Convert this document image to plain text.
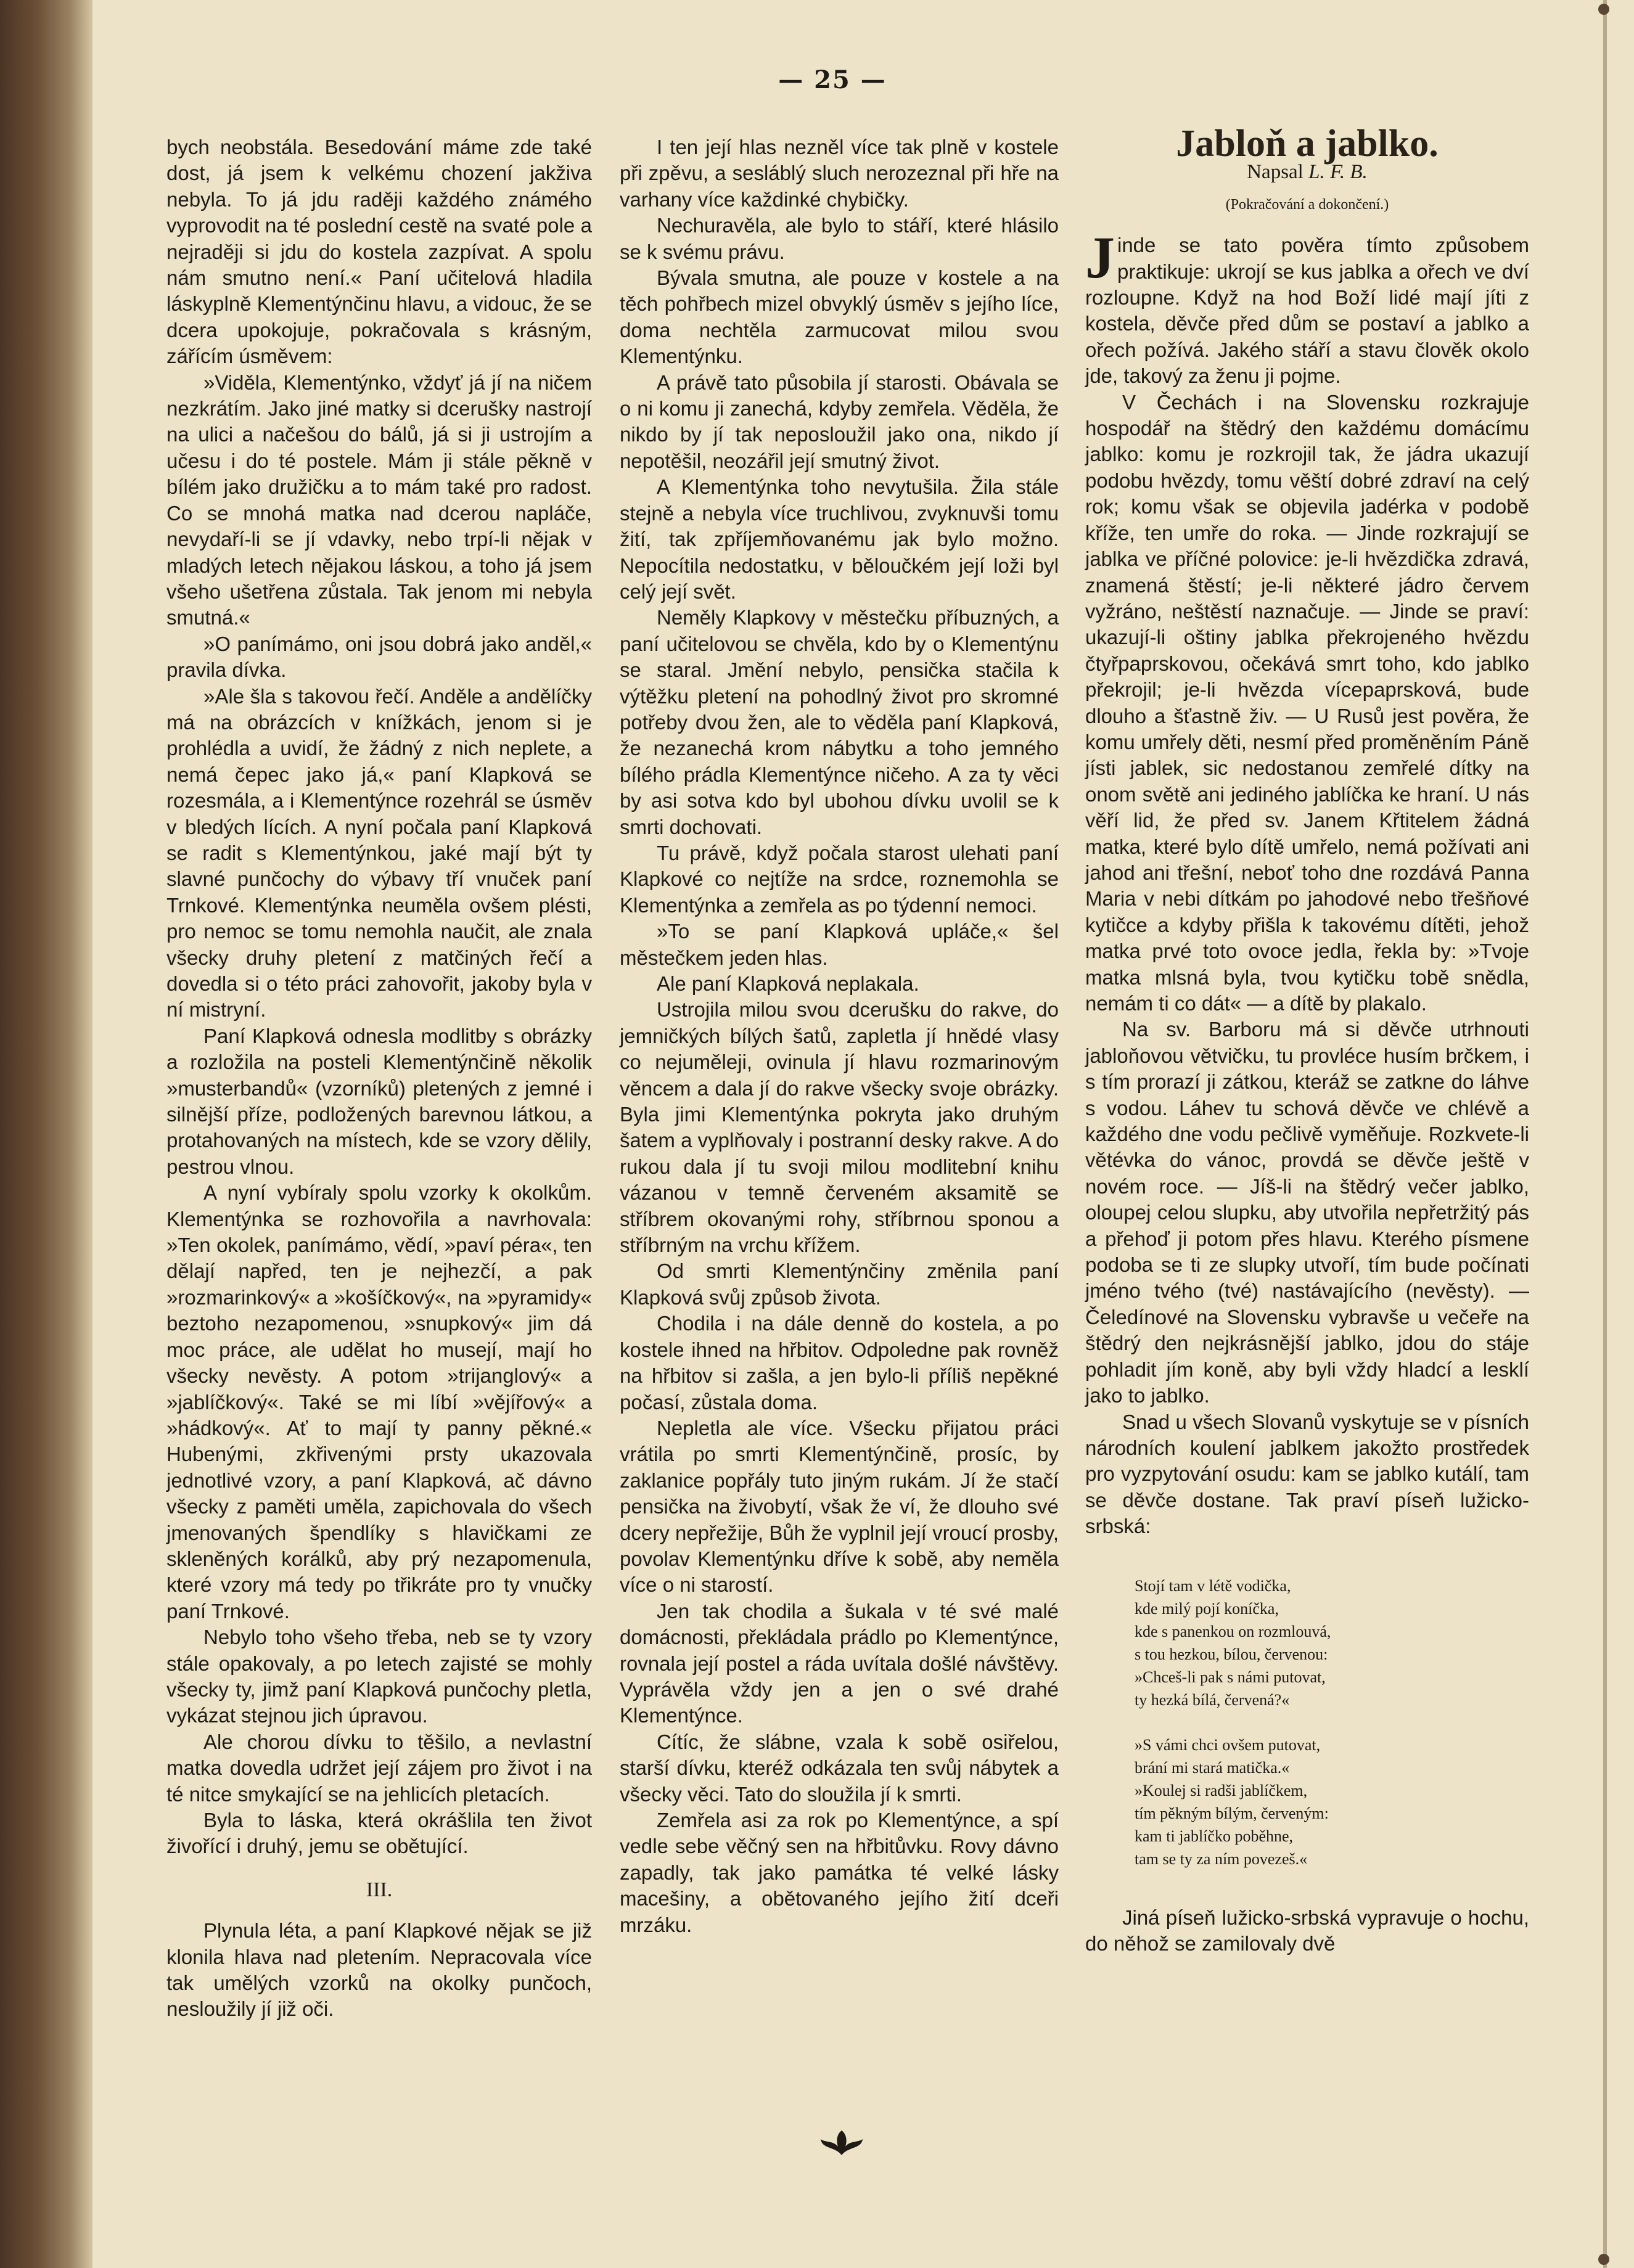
— 25 —

bych neobstála. Besedování máme zde také dost, já jsem k velkému chození jakživa nebyla. To já jdu raději každého známého vyprovodit na té poslední cestě na svaté pole a nejraději si jdu do kostela zazpívat. A spolu nám smutno není.« Paní učitelová hladila láskyplně Klementýnčinu hlavu, a vidouc, že se dcera upokojuje, pokračovala s krásným, zářícím úsměvem:

»Viděla, Klementýnko, vždyť já jí na ničem nezkrátím. Jako jiné matky si dcerušky nastrojí na ulici a načešou do bálů, já si ji ustrojím a učesu i do té postele. Mám ji stále pěkně v bílém jako družičku a to mám také pro radost. Co se mnohá matka nad dcerou napláče, nevydaří-li se jí vdavky, nebo trpí-li nějak v mladých letech nějakou láskou, a toho já jsem všeho ušetřena zůstala. Tak jenom mi nebyla smutná.«

»O panímámo, oni jsou dobrá jako anděl,« pravila dívka.

»Ale šla s takovou řečí. Anděle a andělíčky má na obrázcích v knížkách, jenom si je prohlédla a uvidí, že žádný z nich neplete, a nemá čepec jako já,« paní Klapková se rozesmála, a i Klementýnce rozehrál se úsměv v bledých lících. A nyní počala paní Klapková se radit s Klementýnkou, jaké mají být ty slavné punčochy do výbavy tří vnuček paní Trnkové. Klementýnka neuměla ovšem plésti, pro nemoc se tomu nemohla naučit, ale znala všecky druhy pletení z matčiných řečí a dovedla si o této práci zahovořit, jakoby byla v ní mistryní.

Paní Klapková odnesla modlitby s obrázky a rozložila na posteli Klementýnčině několik »musterbandů« (vzorníků) pletených z jemné i silnější příze, podložených barevnou látkou, a protahovaných na místech, kde se vzory dělily, pestrou vlnou.

A nyní vybíraly spolu vzorky k okolkům. Klementýnka se rozhovořila a navrhovala: »Ten okolek, panímámo, vědí, »paví péra«, ten dělají napřed, ten je nejhezčí, a pak »rozmarinkový« a »košíčkový«, na »pyramidy« beztoho nezapomenou, »snupkový« jim dá moc práce, ale udělat ho musejí, mají ho všecky nevěsty. A potom »trijanglový« a »jablíčkový«. Také se mi líbí »vějířový« a »hádkový«. Ať to mají ty panny pěkné.« Hubenými, zkřivenými prsty ukazovala jednotlivé vzory, a paní Klapková, ač dávno všecky z paměti uměla, zapichovala do všech jmenovaných špendlíky s hlavičkami ze skleněných korálků, aby prý nezapomenula, které vzory má tedy po třikráte pro ty vnučky paní Trnkové.

Nebylo toho všeho třeba, neb se ty vzory stále opakovaly, a po letech zajisté se mohly všecky ty, jimž paní Klapková punčochy pletla, vykázat stejnou jich úpravou.

Ale chorou dívku to těšilo, a nevlastní matka dovedla udržet její zájem pro život i na té nitce smykající se na jehlicích pletacích.

Byla to láska, která okrášlila ten život živořící i druhý, jemu se obětující.

III.

Plynula léta, a paní Klapkové nějak se již klonila hlava nad pletením. Nepracovala více tak umělých vzorků na okolky punčoch, nesloužily jí již oči.

I ten její hlas nezněl více tak plně v kostele při zpěvu, a sesláblý sluch nerozeznal při hře na varhany více každinké chybičky.

Nechuravěla, ale bylo to stáří, které hlásilo se k svému právu.

Bývala smutna, ale pouze v kostele a na těch pohřbech mizel obvyklý úsměv s jejího líce, doma nechtěla zarmucovat milou svou Klementýnku.

A právě tato působila jí starosti. Obávala se o ni komu ji zanechá, kdyby zemřela. Věděla, že nikdo by jí tak neposloužil jako ona, nikdo jí nepotěšil, neozářil její smutný život.

A Klementýnka toho nevytušila. Žila stále stejně a nebyla více truchlivou, zvyknuvši tomu žití, tak zpříjemňovanému jak bylo možno. Nepocítila nedostatku, v běloučkém její loži byl celý její svět.

Neměly Klapkovy v městečku příbuzných, a paní učitelovou se chvěla, kdo by o Klementýnu se staral. Jmění nebylo, pensička stačila k výtěžku pletení na pohodlný život pro skromné potřeby dvou žen, ale to věděla paní Klapková, že nezanechá krom nábytku a toho jemného bílého prádla Klementýnce ničeho. A za ty věci by asi sotva kdo byl ubohou dívku uvolil se k smrti dochovati.

Tu právě, když počala starost ulehati paní Klapkové co nejtíže na srdce, roznemohla se Klementýnka a zemřela as po týdenní nemoci.

»To se paní Klapková upláče,« šel městečkem jeden hlas.

Ale paní Klapková neplakala.

Ustrojila milou svou dcerušku do rakve, do jemničkých bílých šatů, zapletla jí hnědé vlasy co nejuměleji, ovinula jí hlavu rozmarinovým věncem a dala jí do rakve všecky svoje obrázky. Byla jimi Klementýnka pokryta jako druhým šatem a vyplňovaly i postranní desky rakve. A do rukou dala jí tu svoji milou modlitební knihu vázanou v temně červeném aksamitě se stříbrem okovanými rohy, stříbrnou sponou a stříbrným na vrchu křížem.

Od smrti Klementýnčiny změnila paní Klapková svůj způsob života.

Chodila i na dále denně do kostela, a po kostele ihned na hřbitov. Odpoledne pak rovněž na hřbitov si zašla, a jen bylo-li příliš nepěkné počasí, zůstala doma.

Nepletla ale více. Všecku přijatou práci vrátila po smrti Klementýnčině, prosíc, by zaklanice popřály tuto jiným rukám. Jí že stačí pensička na živobytí, však že ví, že dlouho své dcery nepřežije, Bůh že vyplnil její vroucí prosby, povolav Klementýnku dříve k sobě, aby neměla více o ni starostí.

Jen tak chodila a šukala v té své malé domácnosti, překládala prádlo po Klementýnce, rovnala její postel a ráda uvítala došlé návštěvy. Vyprávěla vždy jen a jen o své drahé Klementýnce.

Cítíc, že slábne, vzala k sobě osiřelou, starší dívku, kteréž odkázala ten svůj nábytek a všecky věci. Tato do sloužila jí k smrti.

Zemřela asi za rok po Klementýnce, a spí vedle sebe věčný sen na hřbitůvku. Rovy dávno zapadly, tak jako památka té velké lásky macešiny, a obětovaného jejího žití dceři mrzáku.

Jabloň a jablko.
Napsal L. F. B.
(Pokračování a dokončení.)

Jinde se tato pověra tímto způsobem praktikuje: ukrojí se kus jablka a ořech ve dví rozloupne. Když na hod Boží lidé mají jíti z kostela, děvče před dům se postaví a jablko a ořech požívá. Jakého stáří a stavu člověk okolo jde, takový za ženu ji pojme.

V Čechách i na Slovensku rozkrajuje hospodář na štědrý den každému domácímu jablko: komu je rozkrojil tak, že jádra ukazují podobu hvězdy, tomu věští dobré zdraví na celý rok; komu však se objevila jadérka v podobě kříže, ten umře do roka. — Jinde rozkrajují se jablka ve příčné polovice: je-li hvězdička zdravá, znamená štěstí; je-li některé jádro červem vyžráno, neštěstí naznačuje. — Jinde se praví: ukazují-li oštiny jablka překrojeného hvězdu čtyřpaprskovou, očekává smrt toho, kdo jablko překrojil; je-li hvězda vícepaprsková, bude dlouho a šťastně živ. — U Rusů jest pověra, že komu umřely děti, nesmí před proměněním Páně jísti jablek, sic nedostanou zemřelé dítky na onom světě ani jediného jablíčka ke hraní. U nás věří lid, že před sv. Janem Křtitelem žádná matka, které bylo dítě umřelo, nemá požívati ani jahod ani třešní, neboť toho dne rozdává Panna Maria v nebi dítkám po jahodové nebo třešňové kytičce a kdyby přišla k takovému dítěti, jehož matka prvé toto ovoce jedla, řekla by: »Tvoje matka mlsná byla, tvou kytičku tobě snědla, nemám ti co dát« — a dítě by plakalo.

Na sv. Barboru má si děvče utrhnouti jabloňovou větvičku, tu provléce husím brčkem, i s tím prorazí ji zátkou, kteráž se zatkne do láhve s vodou. Láhev tu schová děvče ve chlévě a každého dne vodu pečlivě vyměňuje. Rozkvete-li větévka do vánoc, provdá se děvče ještě v novém roce. — Jíš-li na štědrý večer jablko, oloupej celou slupku, aby utvořila nepřetržitý pás a přehoď ji potom přes hlavu. Kterého písmene podoba se ti ze slupky utvoří, tím bude počínati jméno tvého (tvé) nastávajícího (nevěsty). — Čeledínové na Slovensku vybravše u večeře na štědrý den nejkrásnější jablko, jdou do stáje pohladit jím koně, aby byli vždy hladcí a lesklí jako to jablko.

Snad u všech Slovanů vyskytuje se v písních národních koulení jablkem jakožto prostředek pro vyzpytování osudu: kam se jablko kutálí, tam se děvče dostane. Tak praví píseň lužicko-srbská:

Stojí tam v létě vodička,
kde milý pojí koníčka,
kde s panenkou on rozmlouvá,
s tou hezkou, bílou, červenou:
»Chceš-li pak s námi putovat,
ty hezká bílá, červená?«
»S vámi chci ovšem putovat,
brání mi stará matička.«
»Koulej si radši jablíčkem,
tím pěkným bílým, červeným:
kam ti jablíčko poběhne,
tam se ty za ním povezeš.«

Jiná píseň lužicko-srbská vypravuje o hochu, do něhož se zamilovaly dvě
